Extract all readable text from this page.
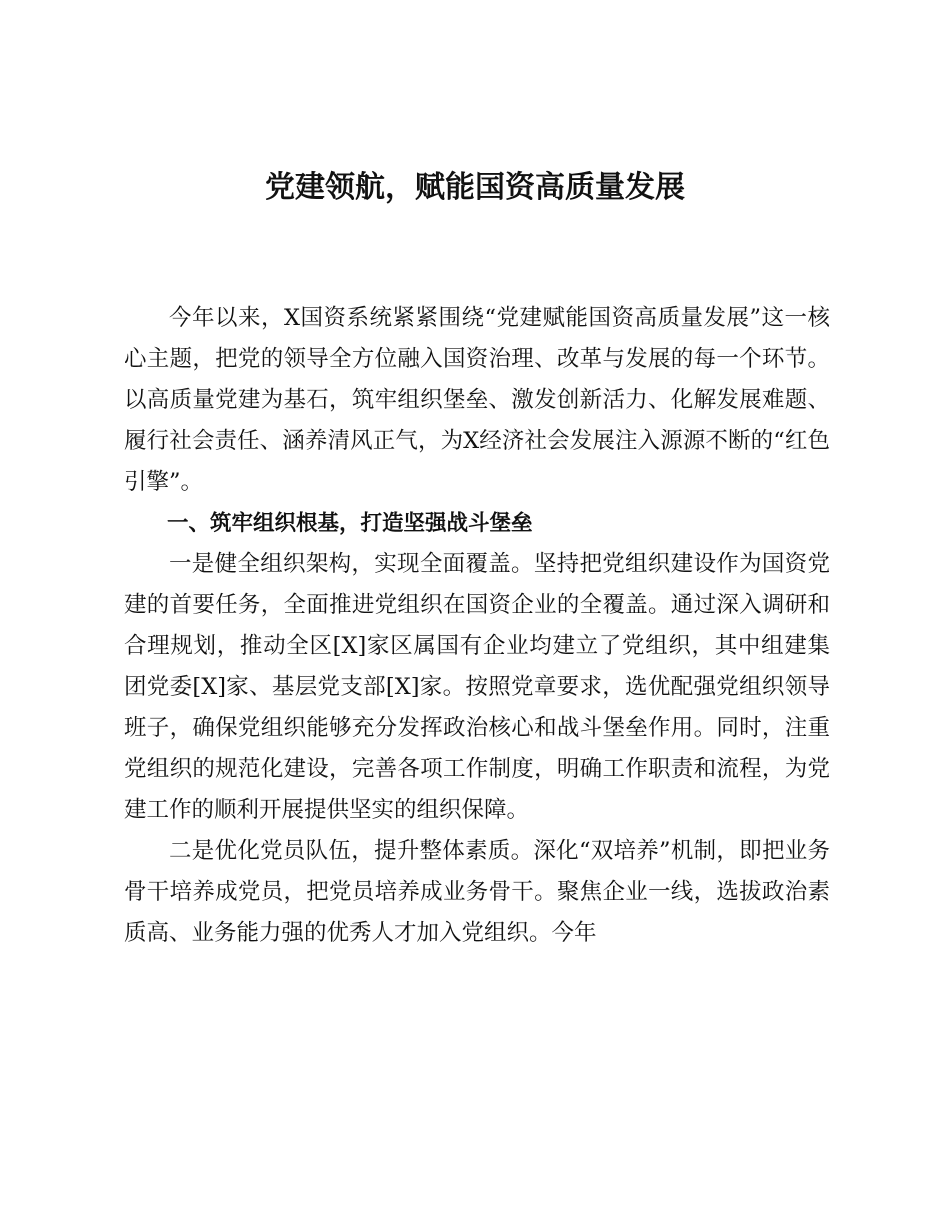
党建领航，赋能国资高质量发展

今年以来，X国资系统紧紧围绕“党建赋能国资高质量发展”这一核心主题，把党的领导全方位融入国资治理、改革与发展的每一个环节。以高质量党建为基石，筑牢组织堡垒、激发创新活力、化解发展难题、履行社会责任、涵养清风正气，为X经济社会发展注入源源不断的“红色引擎”。

一、筑牢组织根基，打造坚强战斗堡垒

一是健全组织架构，实现全面覆盖。坚持把党组织建设作为国资党建的首要任务，全面推进党组织在国资企业的全覆盖。通过深入调研和合理规划，推动全区[X]家区属国有企业均建立了党组织，其中组建集团党委[X]家、基层党支部[X]家。按照党章要求，选优配强党组织领导班子，确保党组织能够充分发挥政治核心和战斗堡垒作用。同时，注重党组织的规范化建设，完善各项工作制度，明确工作职责和流程，为党建工作的顺利开展提供坚实的组织保障。

二是优化党员队伍，提升整体素质。深化“双培养”机制，即把业务骨干培养成党员，把党员培养成业务骨干。聚焦企业一线，选拔政治素质高、业务能力强的优秀人才加入党组织。今年
